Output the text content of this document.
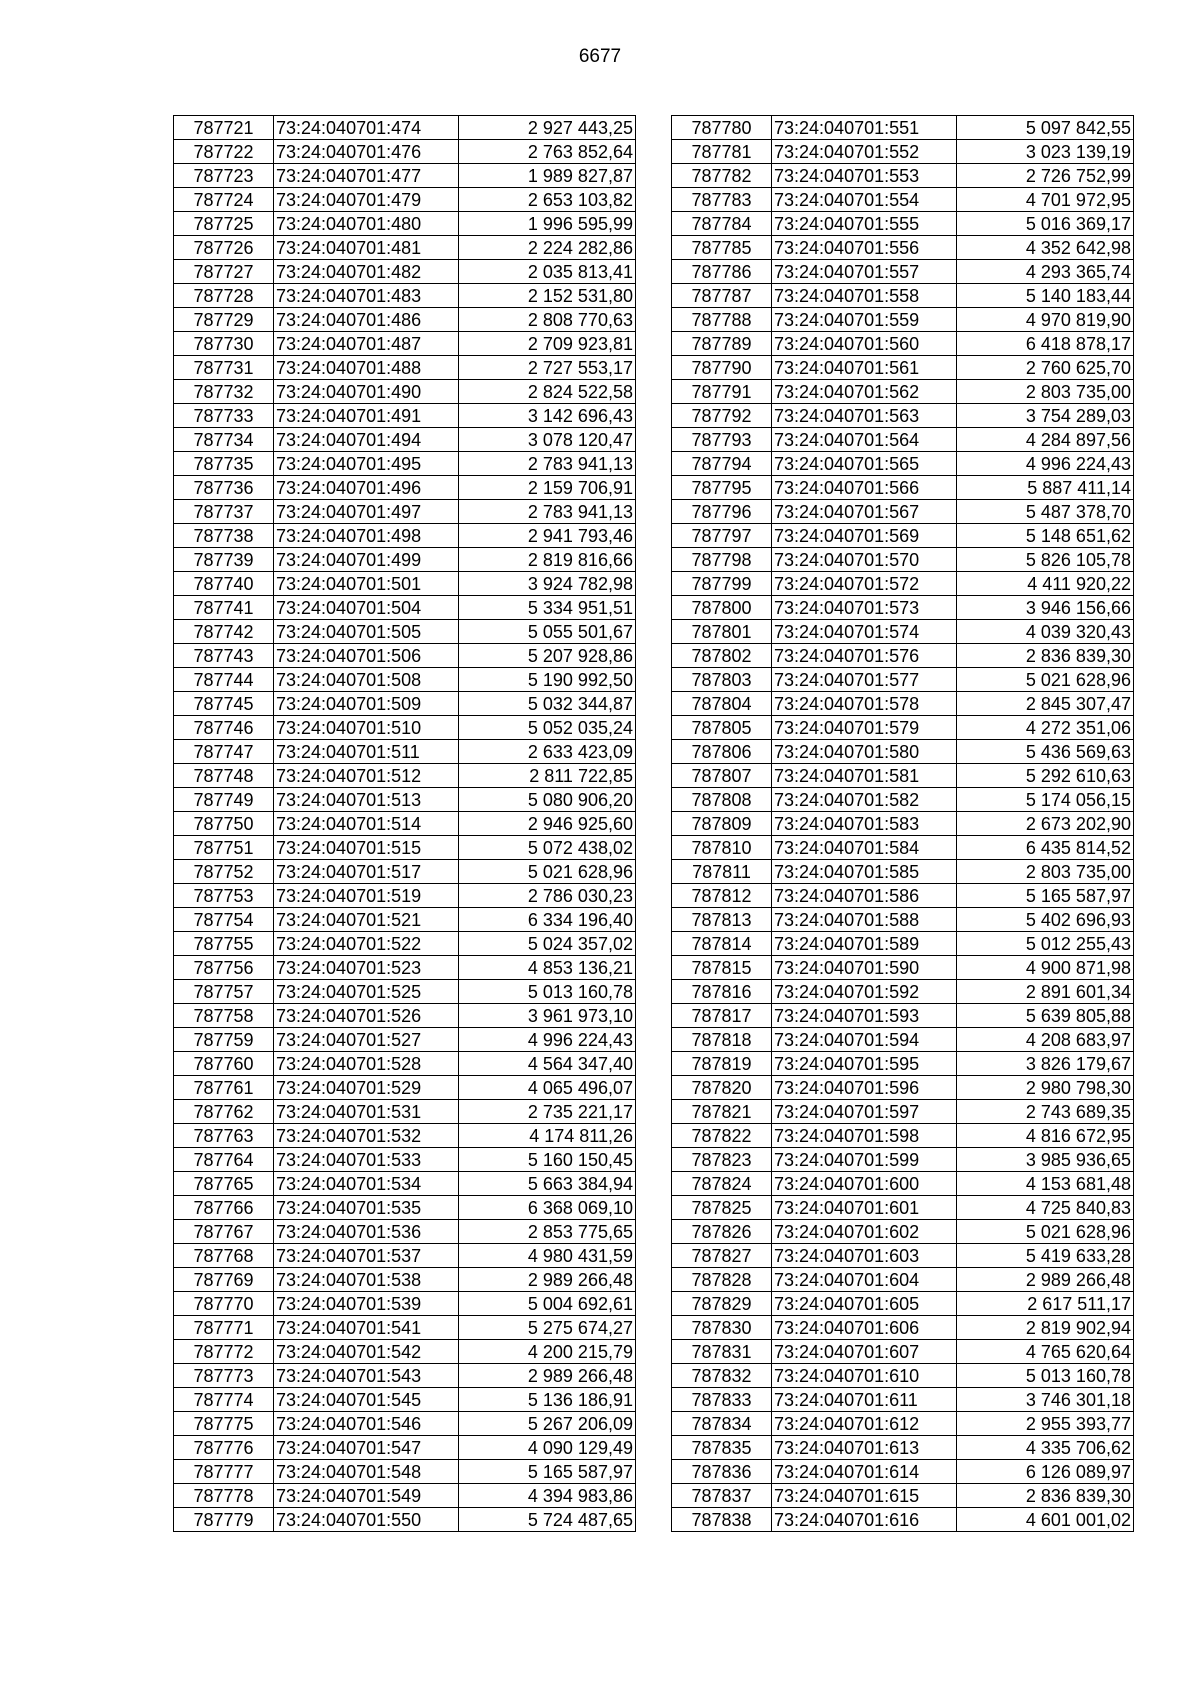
6677
787721	73:24:040701:474	2 927 443,25
787722	73:24:040701:476	2 763 852,64
787723	73:24:040701:477	1 989 827,87
787724	73:24:040701:479	2 653 103,82
787725	73:24:040701:480	1 996 595,99
787726	73:24:040701:481	2 224 282,86
787727	73:24:040701:482	2 035 813,41
787728	73:24:040701:483	2 152 531,80
787729	73:24:040701:486	2 808 770,63
787730	73:24:040701:487	2 709 923,81
787731	73:24:040701:488	2 727 553,17
787732	73:24:040701:490	2 824 522,58
787733	73:24:040701:491	3 142 696,43
787734	73:24:040701:494	3 078 120,47
787735	73:24:040701:495	2 783 941,13
787736	73:24:040701:496	2 159 706,91
787737	73:24:040701:497	2 783 941,13
787738	73:24:040701:498	2 941 793,46
787739	73:24:040701:499	2 819 816,66
787740	73:24:040701:501	3 924 782,98
787741	73:24:040701:504	5 334 951,51
787742	73:24:040701:505	5 055 501,67
787743	73:24:040701:506	5 207 928,86
787744	73:24:040701:508	5 190 992,50
787745	73:24:040701:509	5 032 344,87
787746	73:24:040701:510	5 052 035,24
787747	73:24:040701:511	2 633 423,09
787748	73:24:040701:512	2 811 722,85
787749	73:24:040701:513	5 080 906,20
787750	73:24:040701:514	2 946 925,60
787751	73:24:040701:515	5 072 438,02
787752	73:24:040701:517	5 021 628,96
787753	73:24:040701:519	2 786 030,23
787754	73:24:040701:521	6 334 196,40
787755	73:24:040701:522	5 024 357,02
787756	73:24:040701:523	4 853 136,21
787757	73:24:040701:525	5 013 160,78
787758	73:24:040701:526	3 961 973,10
787759	73:24:040701:527	4 996 224,43
787760	73:24:040701:528	4 564 347,40
787761	73:24:040701:529	4 065 496,07
787762	73:24:040701:531	2 735 221,17
787763	73:24:040701:532	4 174 811,26
787764	73:24:040701:533	5 160 150,45
787765	73:24:040701:534	5 663 384,94
787766	73:24:040701:535	6 368 069,10
787767	73:24:040701:536	2 853 775,65
787768	73:24:040701:537	4 980 431,59
787769	73:24:040701:538	2 989 266,48
787770	73:24:040701:539	5 004 692,61
787771	73:24:040701:541	5 275 674,27
787772	73:24:040701:542	4 200 215,79
787773	73:24:040701:543	2 989 266,48
787774	73:24:040701:545	5 136 186,91
787775	73:24:040701:546	5 267 206,09
787776	73:24:040701:547	4 090 129,49
787777	73:24:040701:548	5 165 587,97
787778	73:24:040701:549	4 394 983,86
787779	73:24:040701:550	5 724 487,65
787780	73:24:040701:551	5 097 842,55
787781	73:24:040701:552	3 023 139,19
787782	73:24:040701:553	2 726 752,99
787783	73:24:040701:554	4 701 972,95
787784	73:24:040701:555	5 016 369,17
787785	73:24:040701:556	4 352 642,98
787786	73:24:040701:557	4 293 365,74
787787	73:24:040701:558	5 140 183,44
787788	73:24:040701:559	4 970 819,90
787789	73:24:040701:560	6 418 878,17
787790	73:24:040701:561	2 760 625,70
787791	73:24:040701:562	2 803 735,00
787792	73:24:040701:563	3 754 289,03
787793	73:24:040701:564	4 284 897,56
787794	73:24:040701:565	4 996 224,43
787795	73:24:040701:566	5 887 411,14
787796	73:24:040701:567	5 487 378,70
787797	73:24:040701:569	5 148 651,62
787798	73:24:040701:570	5 826 105,78
787799	73:24:040701:572	4 411 920,22
787800	73:24:040701:573	3 946 156,66
787801	73:24:040701:574	4 039 320,43
787802	73:24:040701:576	2 836 839,30
787803	73:24:040701:577	5 021 628,96
787804	73:24:040701:578	2 845 307,47
787805	73:24:040701:579	4 272 351,06
787806	73:24:040701:580	5 436 569,63
787807	73:24:040701:581	5 292 610,63
787808	73:24:040701:582	5 174 056,15
787809	73:24:040701:583	2 673 202,90
787810	73:24:040701:584	6 435 814,52
787811	73:24:040701:585	2 803 735,00
787812	73:24:040701:586	5 165 587,97
787813	73:24:040701:588	5 402 696,93
787814	73:24:040701:589	5 012 255,43
787815	73:24:040701:590	4 900 871,98
787816	73:24:040701:592	2 891 601,34
787817	73:24:040701:593	5 639 805,88
787818	73:24:040701:594	4 208 683,97
787819	73:24:040701:595	3 826 179,67
787820	73:24:040701:596	2 980 798,30
787821	73:24:040701:597	2 743 689,35
787822	73:24:040701:598	4 816 672,95
787823	73:24:040701:599	3 985 936,65
787824	73:24:040701:600	4 153 681,48
787825	73:24:040701:601	4 725 840,83
787826	73:24:040701:602	5 021 628,96
787827	73:24:040701:603	5 419 633,28
787828	73:24:040701:604	2 989 266,48
787829	73:24:040701:605	2 617 511,17
787830	73:24:040701:606	2 819 902,94
787831	73:24:040701:607	4 765 620,64
787832	73:24:040701:610	5 013 160,78
787833	73:24:040701:611	3 746 301,18
787834	73:24:040701:612	2 955 393,77
787835	73:24:040701:613	4 335 706,62
787836	73:24:040701:614	6 126 089,97
787837	73:24:040701:615	2 836 839,30
787838	73:24:040701:616	4 601 001,02
